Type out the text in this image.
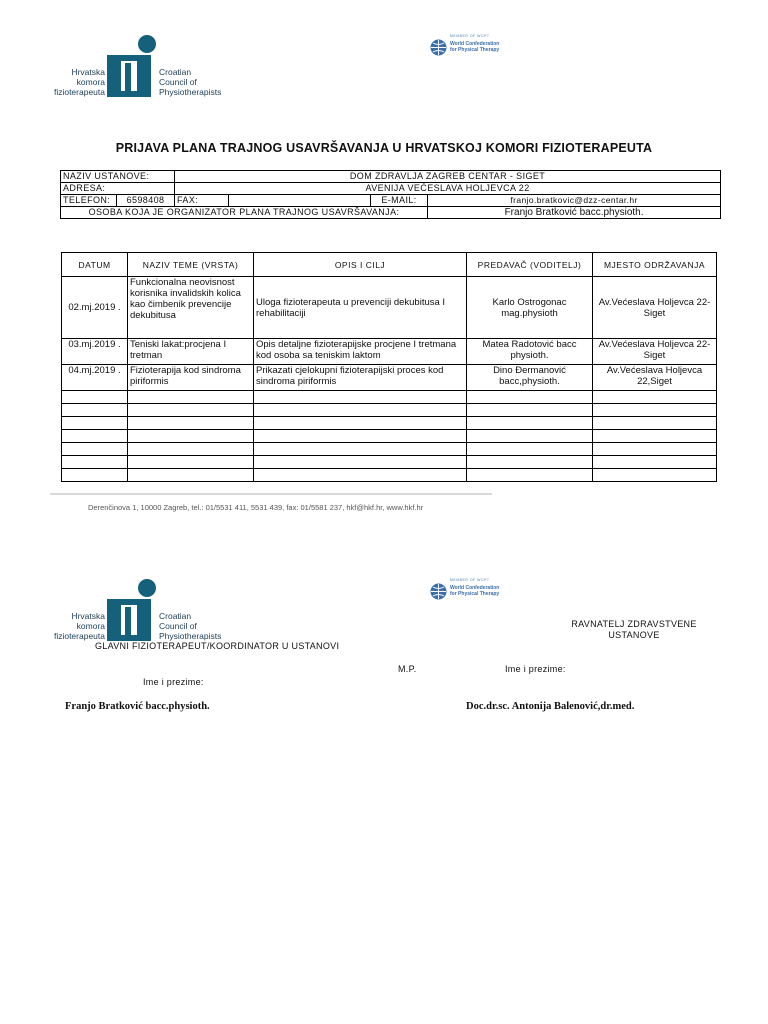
Hrvatska
komora
fizioterapeuta
Croatian
Council of
Physiotherapists
MEMBER OF WCPT
World Confederation
for Physical Therapy
PRIJAVA PLANA TRAJNOG USAVRŠAVANJA U HRVATSKOJ KOMORI FIZIOTERAPEUTA
NAZIV USTANOVE:		DOM ZDRAVLJA ZAGREB CENTAR - SIGET			
ADRESA:		AVENIJA VEĆESLAVA HOLJEVCA 22			
TELEFON:	6598408	FAX:		E-MAIL:	franjo.bratkovic@dzz-centar.hr
OSOBA KOJA JE ORGANIZATOR PLANA TRAJNOG USAVRŠAVANJA:					Franjo Bratković bacc.physioth.
DATUM	NAZIV TEME (VRSTA)	OPIS I CILJ	PREDAVAČ (VODITELJ)	MJESTO ODRŽAVANJA
02.mj.2019 .	Funkcionalna neovisnost korisnika invalidskih kolica kao čimbenik prevencije dekubitusa	Uloga fizioterapeuta u prevenciji dekubitusa I rehabilitaciji	Karlo Ostrogonac mag.physioth	Av.Većeslava Holjevca 22-Siget
03.mj.2019 .	Teniski lakat:procjena I tretman	Opis detaljne fizioterapijske procjene I tretmana kod osoba sa teniskim laktom	Matea Radotović bacc physioth.	Av.Većeslava Holjevca 22-Siget
04.mj.2019 .	Fizioterapija kod sindroma piriformis	Prikazati cjelokupni fizioterapijski proces kod sindroma piriformis	Dino Đermanović bacc,physioth.	Av.Većeslava Holjevca 22,Siget

Derenčinova 1, 10000 Zagreb, tel.: 01/5531 411, 5531 439, fax: 01/5581 237, hkf@hkf.hr, www.hkf.hr
Hrvatska
komora
fizioterapeuta
Croatian
Council of
Physiotherapists
MEMBER OF WCPT
World Confederation
for Physical Therapy
GLAVNI FIZIOTERAPEUT/KOORDINATOR U USTANOVI
Ime i prezime:
Franjo Bratković bacc.physioth.
M.P.
RAVNATELJ ZDRAVSTVENE
USTANOVE
Ime i prezime:
Doc.dr.sc. Antonija Balenović,dr.med.
